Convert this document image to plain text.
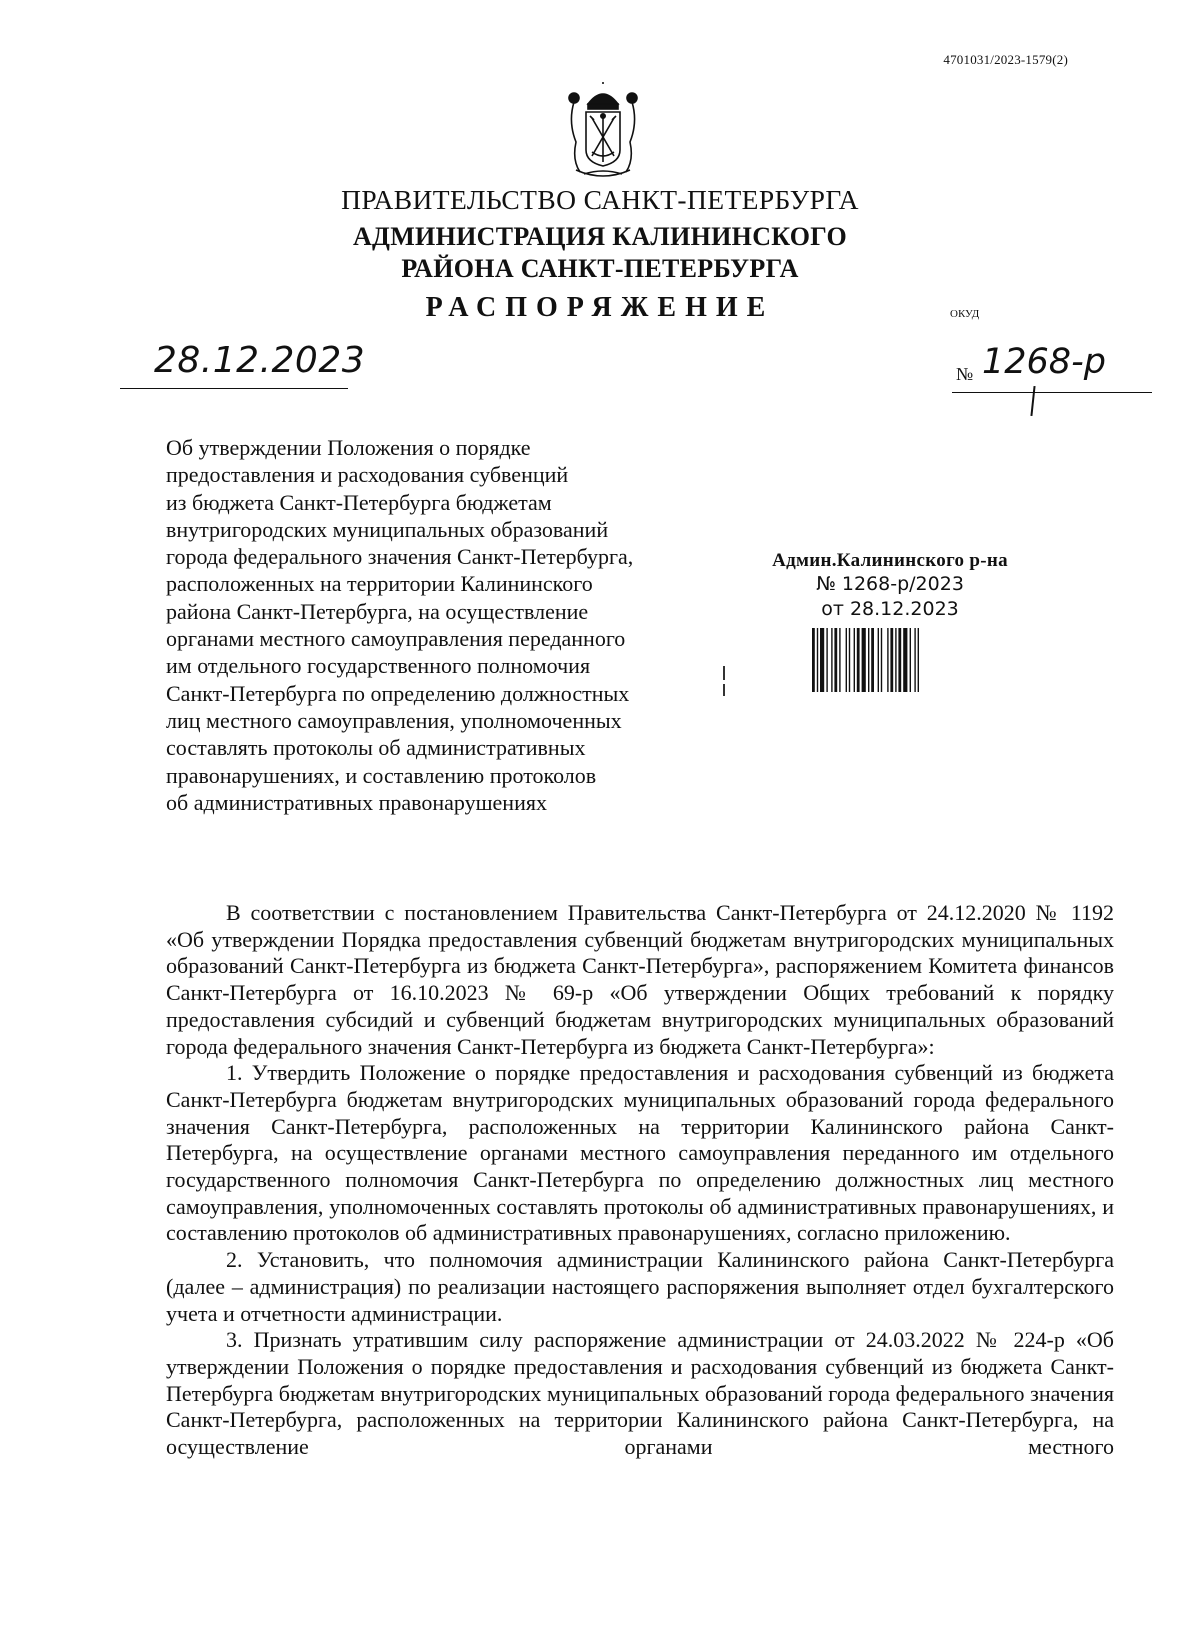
4701031/2023-1579(2)
ПРАВИТЕЛЬСТВО САНКТ-ПЕТЕРБУРГА
АДМИНИСТРАЦИЯ КАЛИНИНСКОГО
РАЙОНА САНКТ-ПЕТЕРБУРГА
РАСПОРЯЖЕНИЕ	ОКУД
28.12.2023	№ 1268-р
Об утверждении Положения о порядке
предоставления и расходования субвенций
из бюджета Санкт-Петербурга бюджетам
внутригородских муниципальных образований
города федерального значения Санкт-Петербурга,
расположенных на территории Калининского
района Санкт-Петербурга, на осуществление
органами местного самоуправления переданного
им отдельного государственного полномочия
Санкт-Петербурга по определению должностных
лиц местного самоуправления, уполномоченных
составлять протоколы об административных
правонарушениях, и составлению протоколов
об административных правонарушениях
Админ.Калининского р-на
№ 1268-р/2023
от 28.12.2023

В соответствии с постановлением Правительства Санкт-Петербурга от 24.12.2020 № 1192 «Об утверждении Порядка предоставления субвенций бюджетам внутригородских муниципальных образований Санкт-Петербурга из бюджета Санкт-Петербурга», распоряжением Комитета финансов Санкт-Петербурга от 16.10.2023 № 69-р «Об утверждении Общих требований к порядку предоставления субсидий и субвенций бюджетам внутригородских муниципальных образований города федерального значения Санкт-Петербурга из бюджета Санкт-Петербурга»:

1. Утвердить Положение о порядке предоставления и расходования субвенций из бюджета Санкт-Петербурга бюджетам внутригородских муниципальных образований города федерального значения Санкт-Петербурга, расположенных на территории Калининского района Санкт-Петербурга, на осуществление органами местного самоуправления переданного им отдельного государственного полномочия Санкт-Петербурга по определению должностных лиц местного самоуправления, уполномоченных составлять протоколы об административных правонарушениях, и составлению протоколов об административных правонарушениях, согласно приложению.

2. Установить, что полномочия администрации Калининского района Санкт-Петербурга (далее – администрация) по реализации настоящего распоряжения выполняет отдел бухгалтерского учета и отчетности администрации.

3. Признать утратившим силу распоряжение администрации от 24.03.2022 № 224-р «Об утверждении Положения о порядке предоставления и расходования субвенций из бюджета Санкт-Петербурга бюджетам внутригородских муниципальных образований города федерального значения Санкт-Петербурга, расположенных на территории Калининского района Санкт-Петербурга, на осуществление органами местного
